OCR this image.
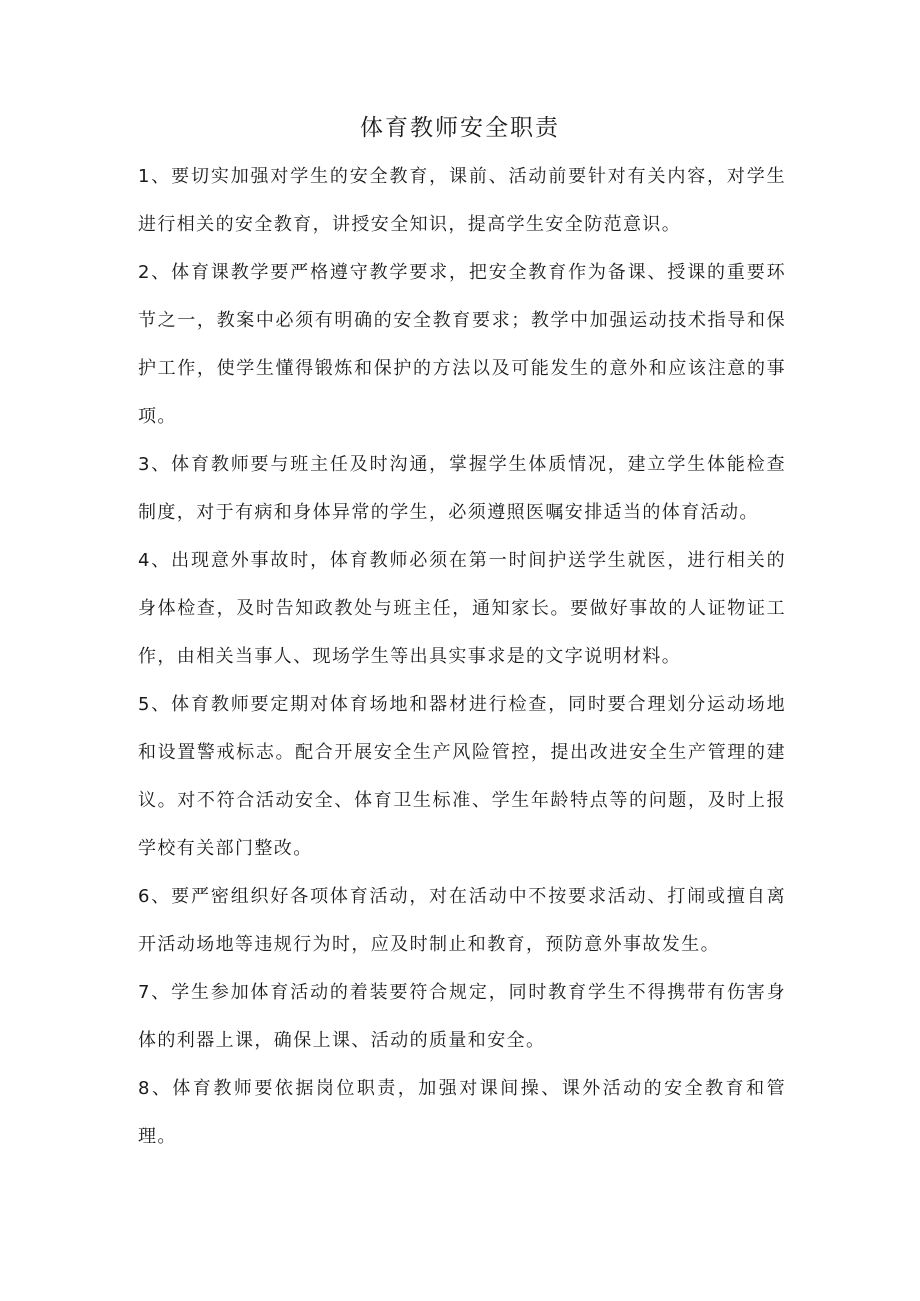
体育教师安全职责

1、要切实加强对学生的安全教育，课前、活动前要针对有关内容，对学生进行相关的安全教育，讲授安全知识，提高学生安全防范意识。

2、体育课教学要严格遵守教学要求，把安全教育作为备课、授课的重要环节之一，教案中必须有明确的安全教育要求；教学中加强运动技术指导和保护工作，使学生懂得锻炼和保护的方法以及可能发生的意外和应该注意的事项。

3、体育教师要与班主任及时沟通，掌握学生体质情况，建立学生体能检查制度，对于有病和身体异常的学生，必须遵照医嘱安排适当的体育活动。

4、出现意外事故时，体育教师必须在第一时间护送学生就医，进行相关的身体检查，及时告知政教处与班主任，通知家长。要做好事故的人证物证工作，由相关当事人、现场学生等出具实事求是的文字说明材料。

5、体育教师要定期对体育场地和器材进行检查，同时要合理划分运动场地和设置警戒标志。配合开展安全生产风险管控，提出改进安全生产管理的建议。对不符合活动安全、体育卫生标准、学生年龄特点等的问题，及时上报学校有关部门整改。

6、要严密组织好各项体育活动，对在活动中不按要求活动、打闹或擅自离开活动场地等违规行为时，应及时制止和教育，预防意外事故发生。

7、学生参加体育活动的着装要符合规定，同时教育学生不得携带有伤害身体的利器上课，确保上课、活动的质量和安全。

8、体育教师要依据岗位职责，加强对课间操、课外活动的安全教育和管理。
